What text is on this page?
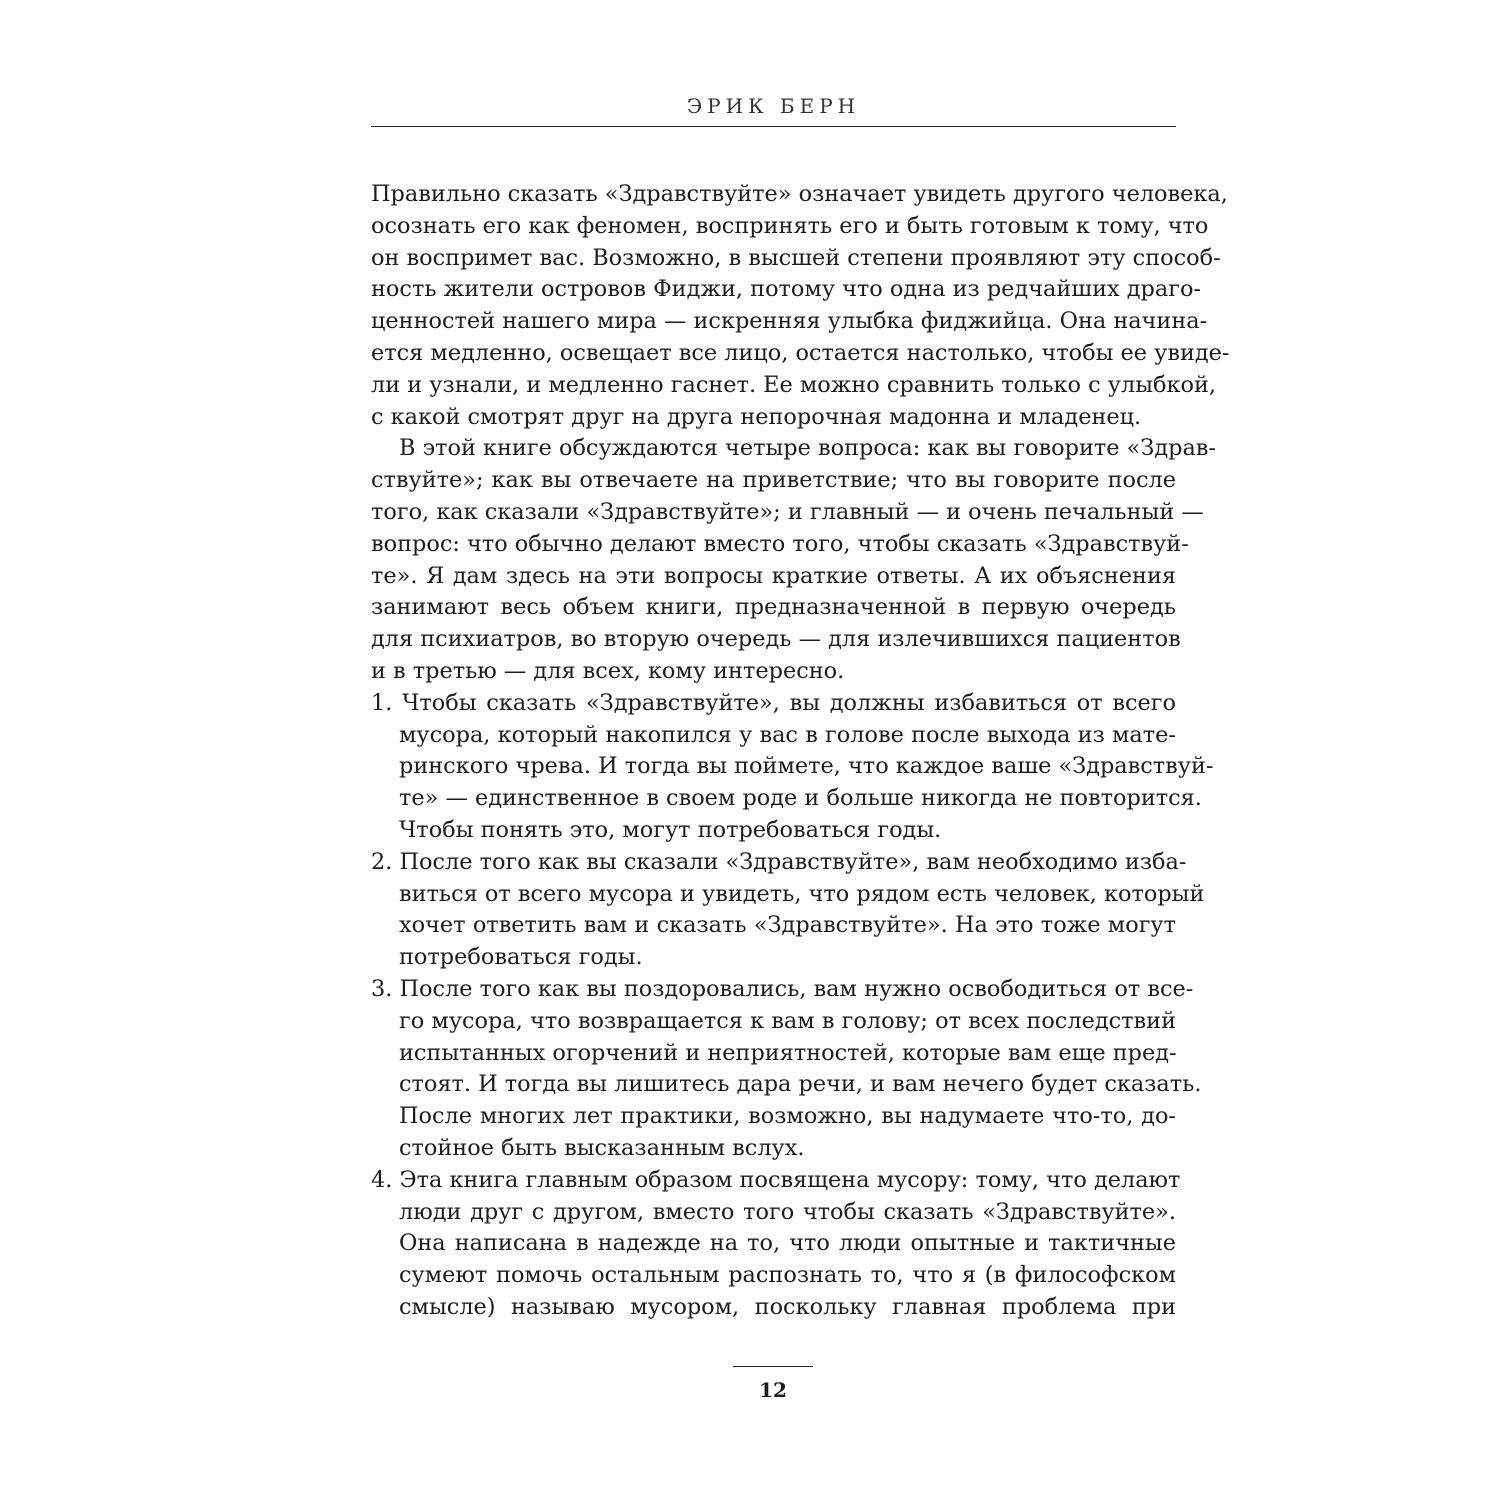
ЭРИК БЕРН
Правильно сказать «Здравствуйте» означает увидеть другого человека,
осознать его как феномен, воспринять его и быть готовым к тому, что
он воспримет вас. Возможно, в высшей степени проявляют эту способ-
ность жители островов Фиджи, потому что одна из редчайших драго-
ценностей нашего мира — искренняя улыбка фиджийца. Она начина-
ется медленно, освещает все лицо, остается настолько, чтобы ее увиде-
ли и узнали, и медленно гаснет. Ее можно сравнить только с улыбкой,
с какой смотрят друг на друга непорочная мадонна и младенец.
В этой книге обсуждаются четыре вопроса: как вы говорите «Здрав-
ствуйте»; как вы отвечаете на приветствие; что вы говорите после
того, как сказали «Здравствуйте»; и главный — и очень печальный —
вопрос: что обычно делают вместо того, чтобы сказать «Здравствуй-
те». Я дам здесь на эти вопросы краткие ответы. А их объяснения
занимают весь объем книги, предназначенной в первую очередь
для психиатров, во вторую очередь — для излечившихся пациентов
и в третью — для всех, кому интересно.
1. Чтобы сказать «Здравствуйте», вы должны избавиться от всего
мусора, который накопился у вас в голове после выхода из мате-
ринского чрева. И тогда вы поймете, что каждое ваше «Здравствуй-
те» — единственное в своем роде и больше никогда не повторится.
Чтобы понять это, могут потребоваться годы.
2. После того как вы сказали «Здравствуйте», вам необходимо изба-
виться от всего мусора и увидеть, что рядом есть человек, который
хочет ответить вам и сказать «Здравствуйте». На это тоже могут
потребоваться годы.
3. После того как вы поздоровались, вам нужно освободиться от все-
го мусора, что возвращается к вам в голову; от всех последствий
испытанных огорчений и неприятностей, которые вам еще пред-
стоят. И тогда вы лишитесь дара речи, и вам нечего будет сказать.
После многих лет практики, возможно, вы надумаете что-то, до-
стойное быть высказанным вслух.
4. Эта книга главным образом посвящена мусору: тому, что делают
люди друг с другом, вместо того чтобы сказать «Здравствуйте».
Она написана в надежде на то, что люди опытные и тактичные
сумеют помочь остальным распознать то, что я (в философском
смысле) называю мусором, поскольку главная проблема при
12
